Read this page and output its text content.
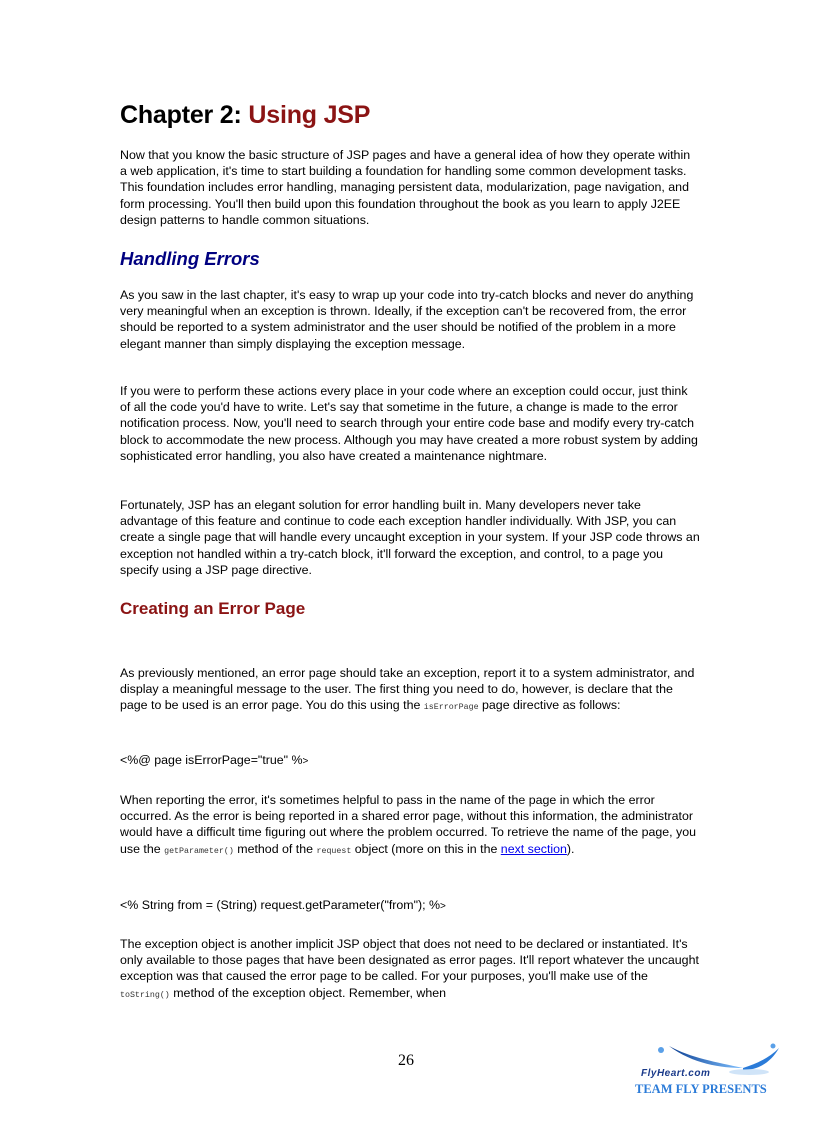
Chapter 2: Using JSP

Now that you know the basic structure of JSP pages and have a general idea of how they operate within a web application, it's time to start building a foundation for handling some common development tasks. This foundation includes error handling, managing persistent data, modularization, page navigation, and form processing. You'll then build upon this foundation throughout the book as you learn to apply J2EE design patterns to handle common situations.

Handling Errors

As you saw in the last chapter, it's easy to wrap up your code into try-catch blocks and never do anything very meaningful when an exception is thrown. Ideally, if the exception can't be recovered from, the error should be reported to a system administrator and the user should be notified of the problem in a more elegant manner than simply displaying the exception message.

If you were to perform these actions every place in your code where an exception could occur, just think of all the code you'd have to write. Let's say that sometime in the future, a change is made to the error notification process. Now, you'll need to search through your entire code base and modify every try-catch block to accommodate the new process. Although you may have created a more robust system by adding sophisticated error handling, you also have created a maintenance nightmare.

Fortunately, JSP has an elegant solution for error handling built in. Many developers never take advantage of this feature and continue to code each exception handler individually. With JSP, you can create a single page that will handle every uncaught exception in your system. If your JSP code throws an exception not handled within a try-catch block, it'll forward the exception, and control, to a page you specify using a JSP page directive.

Creating an Error Page

As previously mentioned, an error page should take an exception, report it to a system administrator, and display a meaningful message to the user. The first thing you need to do, however, is declare that the page to be used is an error page. You do this using the isErrorPage page directive as follows:

<%@ page isErrorPage="true" %>

When reporting the error, it's sometimes helpful to pass in the name of the page in which the error occurred. As the error is being reported in a shared error page, without this information, the administrator would have a difficult time figuring out where the problem occurred. To retrieve the name of the page, you use the getParameter() method of the request object (more on this in the next section).

<% String from = (String) request.getParameter("from"); %>

The exception object is another implicit JSP object that does not need to be declared or instantiated. It's only available to those pages that have been designated as error pages. It'll report whatever the uncaught exception was that caused the error page to be called. For your purposes, you'll make use of the toString() method of the exception object. Remember, when

26

FlyHeart.com
TEAM FLY PRESENTS
